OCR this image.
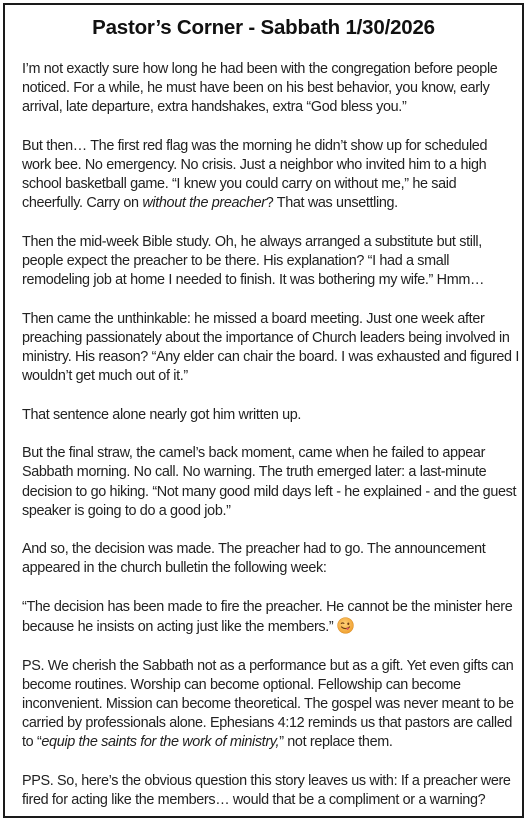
Pastor’s Corner - Sabbath 1/30/2026

I’m not exactly sure how long he had been with the congregation before people noticed. For a while, he must have been on his best behavior, you know, early arrival, late departure, extra handshakes, extra “God bless you.”

But then… The first red flag was the morning he didn’t show up for scheduled work bee. No emergency. No crisis. Just a neighbor who invited him to a high school basketball game. “I knew you could carry on without me,” he said cheerfully. Carry on without the preacher? That was unsettling.

Then the mid-week Bible study. Oh, he always arranged a substitute but still, people expect the preacher to be there. His explanation? “I had a small remodeling job at home I needed to finish. It was bothering my wife.” Hmm…

Then came the unthinkable: he missed a board meeting. Just one week after preaching passionately about the importance of Church leaders being involved in ministry. His reason? “Any elder can chair the board. I was exhausted and figured I wouldn’t get much out of it.”

That sentence alone nearly got him written up.

But the final straw, the camel’s back moment, came when he failed to appear Sabbath morning. No call. No warning. The truth emerged later: a last-minute decision to go hiking. “Not many good mild days left - he explained - and the guest speaker is going to do a good job.”

And so, the decision was made. The preacher had to go. The announcement appeared in the church bulletin the following week:

“The decision has been made to fire the preacher. He cannot be the minister here because he insists on acting just like the members.”

PS. We cherish the Sabbath not as a performance but as a gift. Yet even gifts can become routines. Worship can become optional. Fellowship can become inconvenient. Mission can become theoretical. The gospel was never meant to be carried by professionals alone. Ephesians 4:12 reminds us that pastors are called to “equip the saints for the work of ministry,” not replace them.

PPS. So, here’s the obvious question this story leaves us with: If a preacher were fired for acting like the members… would that be a compliment or a warning?
